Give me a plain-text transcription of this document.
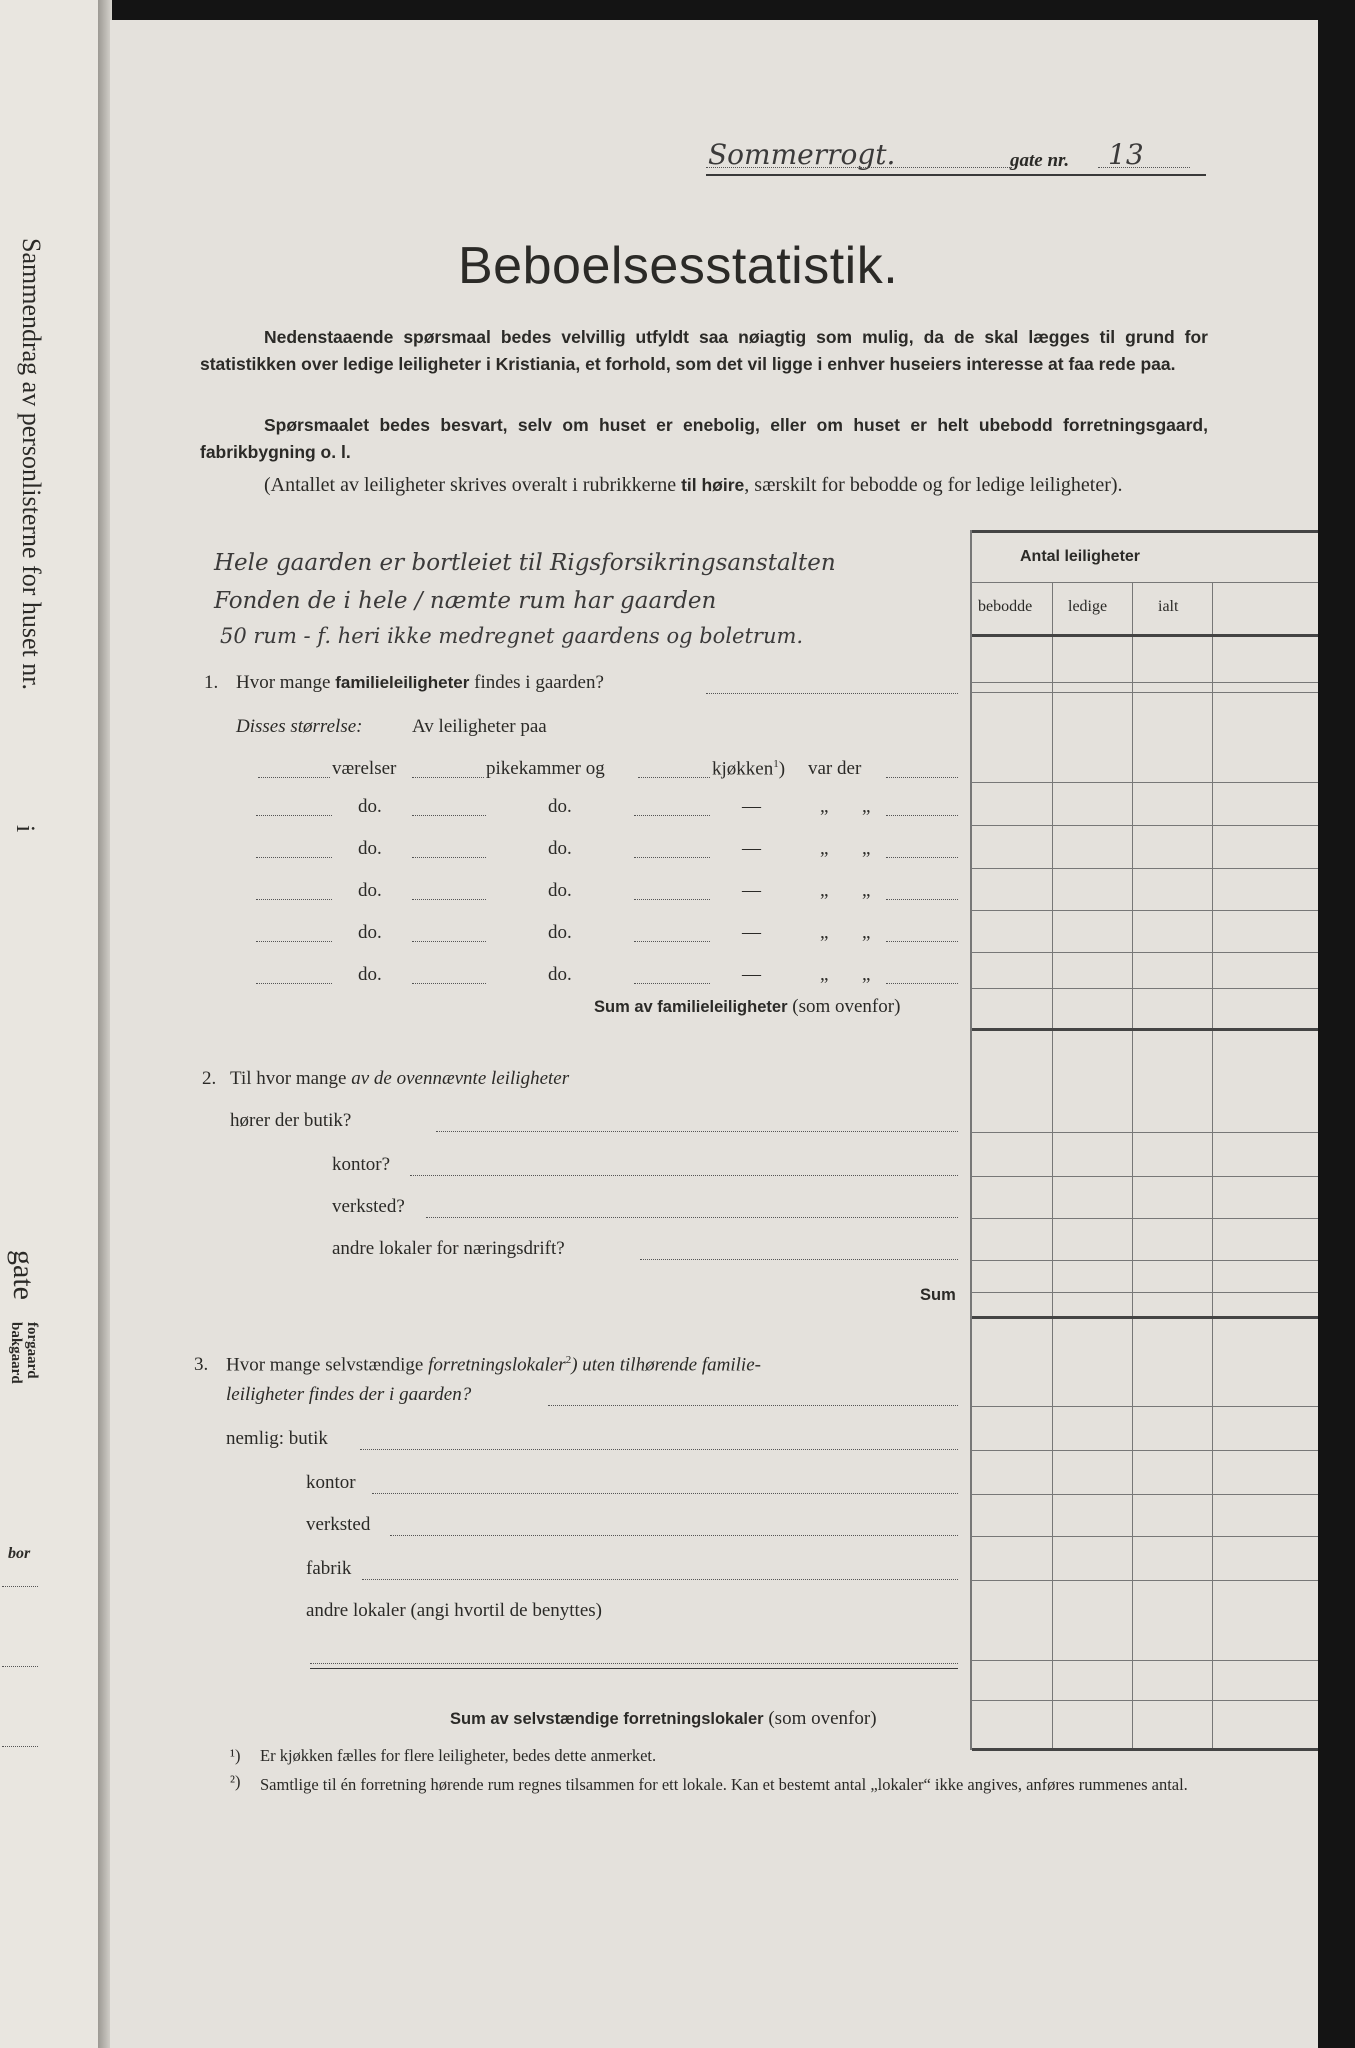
Sammendrag av personlisterne for huset nr.
i
gate
forgaard
bakgaard
bor
Sommerrogt.	gate nr. 13
Beboelsesstatistik.

Nedenstaaende spørsmaal bedes velvillig utfyldt saa nøiagtig som mulig, da de skal lægges til grund for statistikken over ledige leiligheter i Kristiania, et forhold, som det vil ligge i enhver huseiers interesse at faa rede paa.

Spørsmaalet bedes besvart, selv om huset er enebolig, eller om huset er helt ubebodd forretningsgaard, fabrikbygning o. l.

(Antallet av leiligheter skrives overalt i rubrikkerne til høire, særskilt for bebodde og for ledige leiligheter).

Hele gaarden er bortleiet til Rigsforsikringsanstalten
Fonden de i hele / næmte rum har gaarden
50 rum - f. heri ikke medregnet gaardens og boletrum.
Antal leiligheter
bebodde ledige	ialt
1. Hvor mange familieleiligheter findes i gaarden?
Disses størrelse:	Av leiligheter paa
værelser	pikekammer og	kjøkken$^1$) var der
do.	do.	—	„ „
do.	do.	—	„ „
do.	do.	—	„ „
do.	do.	—	„ „
do.	do.	—	„ „
Sum av familieleiligheter (som ovenfor)
2. Til hvor mange av de ovennævnte leiligheter
hører der butik?
kontor?
verksted?
andre lokaler for næringsdrift?
Sum
3. Hvor mange selvstændige forretningslokaler$^2$) uten tilhørende familie-
leiligheter findes der i gaarden?
nemlig: butik
kontor
verksted
fabrik
andre lokaler (angi hvortil de benyttes)
Sum av selvstændige forretningslokaler (som ovenfor)
¹) Er kjøkken fælles for flere leiligheter, bedes dette anmerket.
²) Samtlige til én forretning hørende rum regnes tilsammen for ett lokale. Kan et bestemt antal „lokaler“ ikke angives, anføres rummenes antal.
